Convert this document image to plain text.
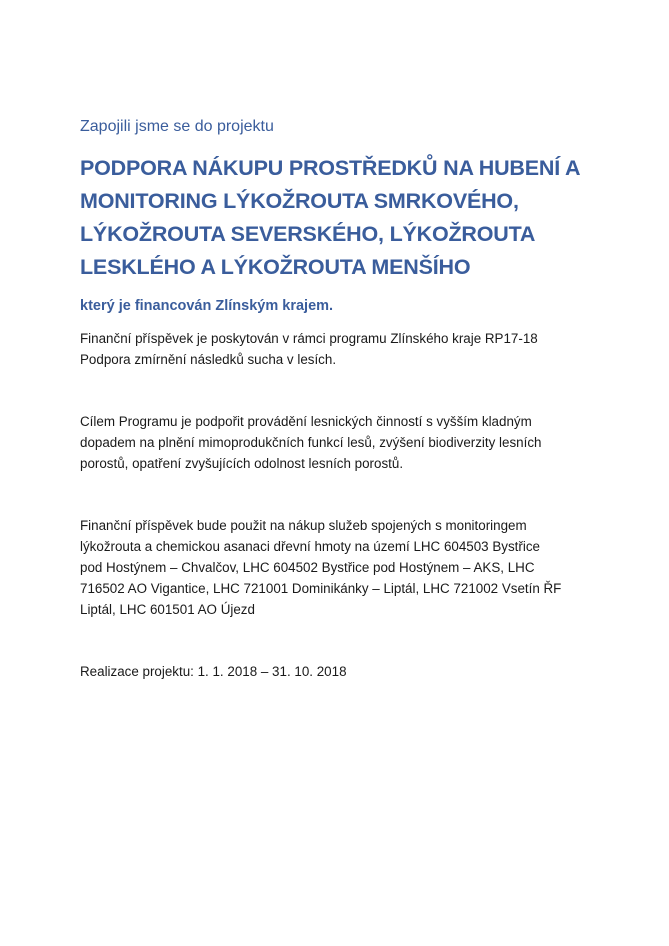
Zapojili jsme se do projektu

PODPORA NÁKUPU PROSTŘEDKŮ NA HUBENÍ A
MONITORING LÝKOŽROUTA SMRKOVÉHO,
LÝKOŽROUTA SEVERSKÉHO, LÝKOŽROUTA
LESKLÉHO A LÝKOŽROUTA MENŠÍHO

který je financován Zlínským krajem.

Finanční příspěvek je poskytován v rámci programu Zlínského kraje RP17-18
Podpora zmírnění následků sucha v lesích.

Cílem Programu je podpořit provádění lesnických činností s vyšším kladným
dopadem na plnění mimoprodukčních funkcí lesů, zvýšení biodiverzity lesních
porostů, opatření zvyšujících odolnost lesních porostů.

Finanční příspěvek bude použit na nákup služeb spojených s monitoringem
lýkožrouta a chemickou asanaci dřevní hmoty na území LHC 604503 Bystřice
pod Hostýnem – Chvalčov, LHC 604502 Bystřice pod Hostýnem – AKS, LHC
716502 AO Vigantice, LHC 721001 Dominikánky – Liptál, LHC 721002 Vsetín ŘF
Liptál, LHC 601501 AO Újezd

Realizace projektu: 1. 1. 2018 – 31. 10. 2018
